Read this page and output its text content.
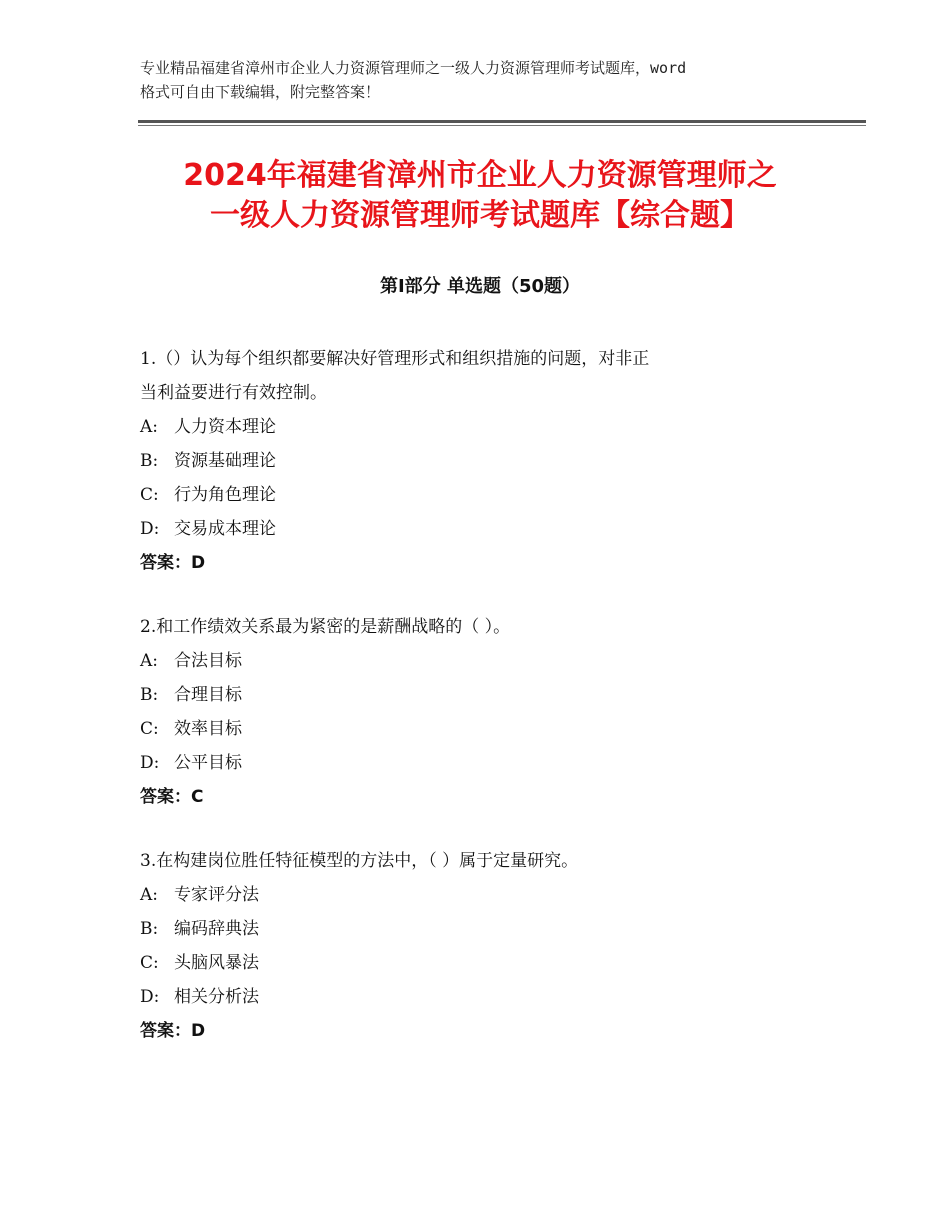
专业精品福建省漳州市企业人力资源管理师之一级人力资源管理师考试题库，word
格式可自由下载编辑，附完整答案！
2024年福建省漳州市企业人力资源管理师之
一级人力资源管理师考试题库【综合题】
第Ⅰ部分 单选题（50题）
1.（）认为每个组织都要解决好管理形式和组织措施的问题，对非正
当利益要进行有效控制。
A: 人力资本理论
B: 资源基础理论
C: 行为角色理论
D: 交易成本理论
答案：D
2.和工作绩效关系最为紧密的是薪酬战略的（ ）。
A: 合法目标
B: 合理目标
C: 效率目标
D: 公平目标
答案：C
3.在构建岗位胜任特征模型的方法中，（ ）属于定量研究。
A: 专家评分法
B: 编码辞典法
C: 头脑风暴法
D: 相关分析法
答案：D
